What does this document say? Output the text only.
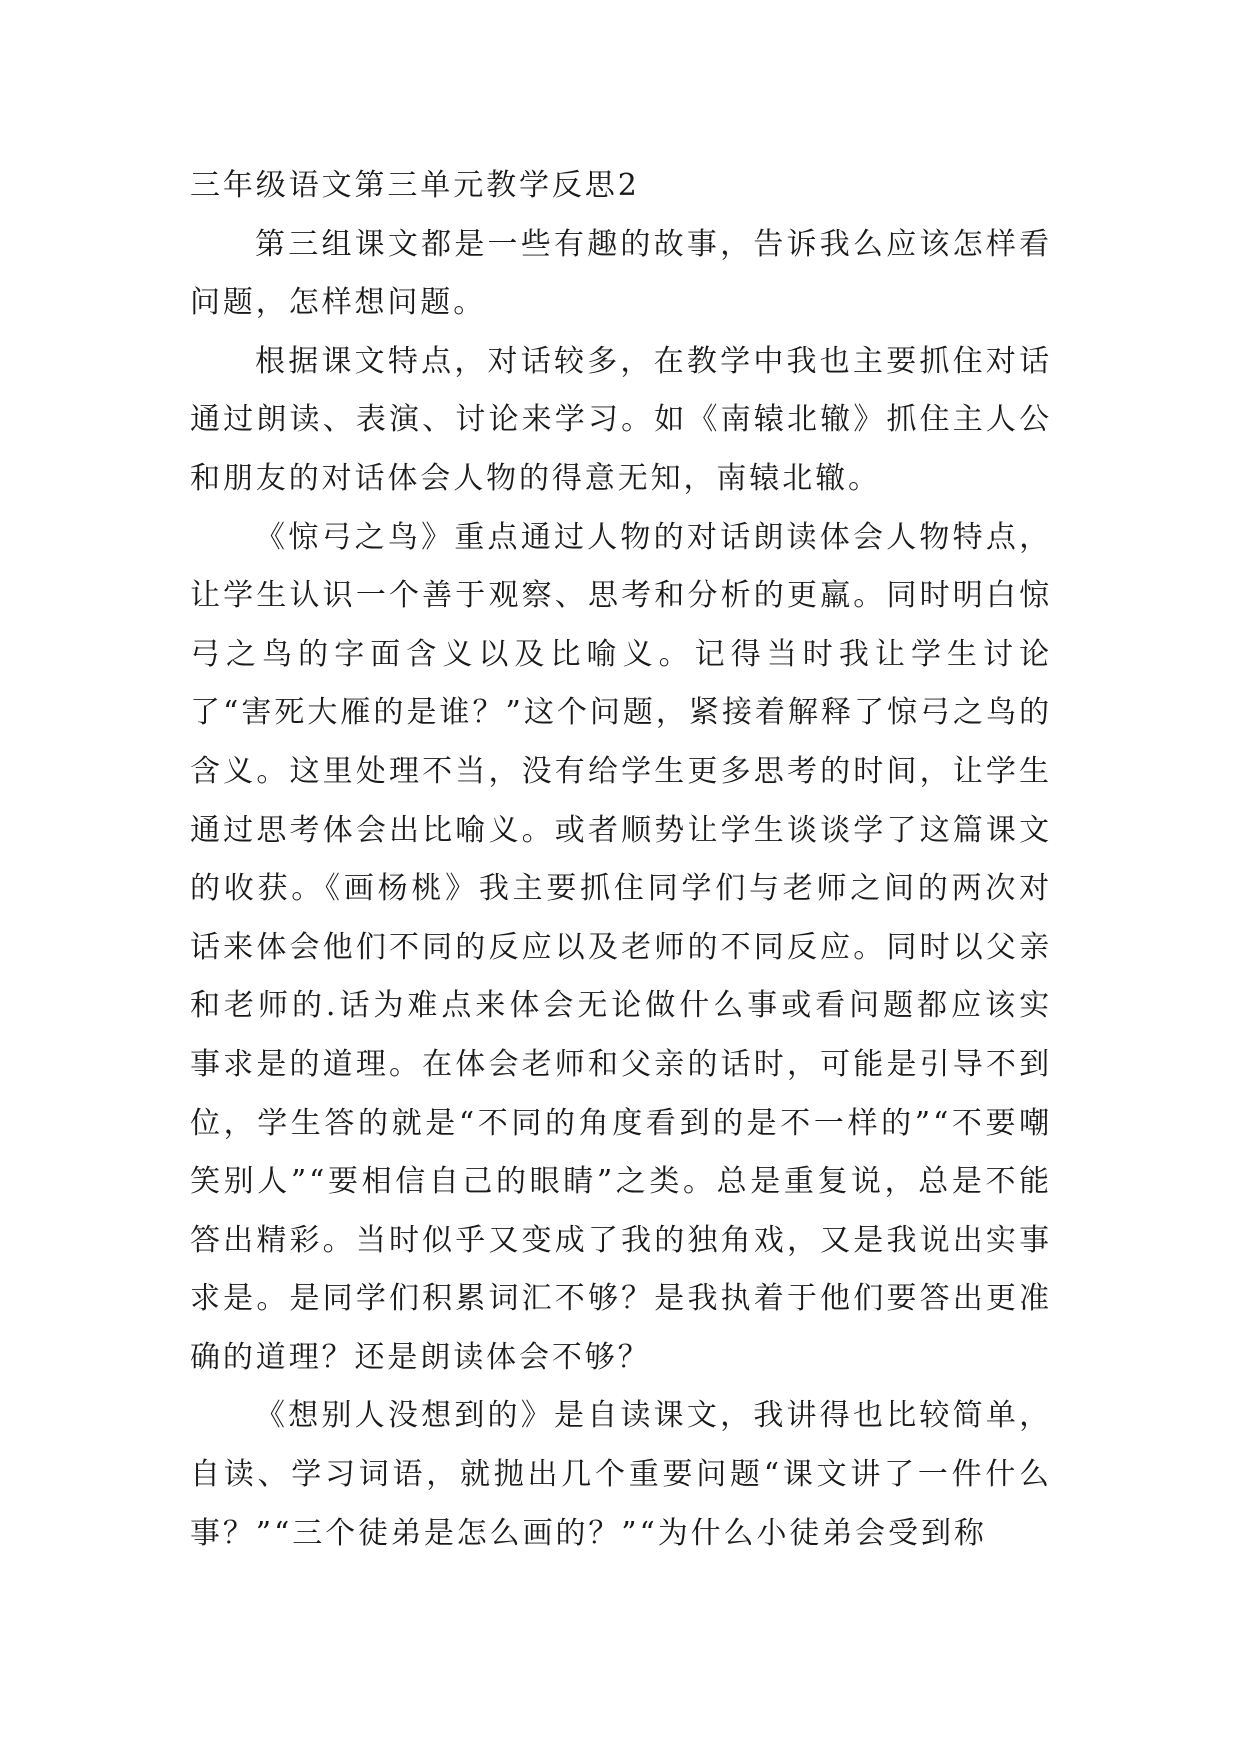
三年级语文第三单元教学反思2

第三组课文都是一些有趣的故事，告诉我么应该怎样看问题，怎样想问题。

根据课文特点，对话较多，在教学中我也主要抓住对话通过朗读、表演、讨论来学习。如《南辕北辙》抓住主人公和朋友的对话体会人物的得意无知，南辕北辙。

《惊弓之鸟》重点通过人物的对话朗读体会人物特点，让学生认识一个善于观察、思考和分析的更羸。同时明白惊弓之鸟的字面含义以及比喻义。记得当时我让学生讨论了“害死大雁的是谁？”这个问题，紧接着解释了惊弓之鸟的含义。这里处理不当，没有给学生更多思考的时间，让学生通过思考体会出比喻义。或者顺势让学生谈谈学了这篇课文的收获。《画杨桃》我主要抓住同学们与老师之间的两次对话来体会他们不同的反应以及老师的不同反应。同时以父亲和老师的.话为难点来体会无论做什么事或看问题都应该实事求是的道理。在体会老师和父亲的话时，可能是引导不到位，学生答的就是“不同的角度看到的是不一样的”“不要嘲笑别人”“要相信自己的眼睛”之类。总是重复说，总是不能答出精彩。当时似乎又变成了我的独角戏，又是我说出实事求是。是同学们积累词汇不够？是我执着于他们要答出更准确的道理？还是朗读体会不够？

《想别人没想到的》是自读课文，我讲得也比较简单，自读、学习词语，就抛出几个重要问题“课文讲了一件什么事？”“三个徒弟是怎么画的？”“为什么小徒弟会受到称
